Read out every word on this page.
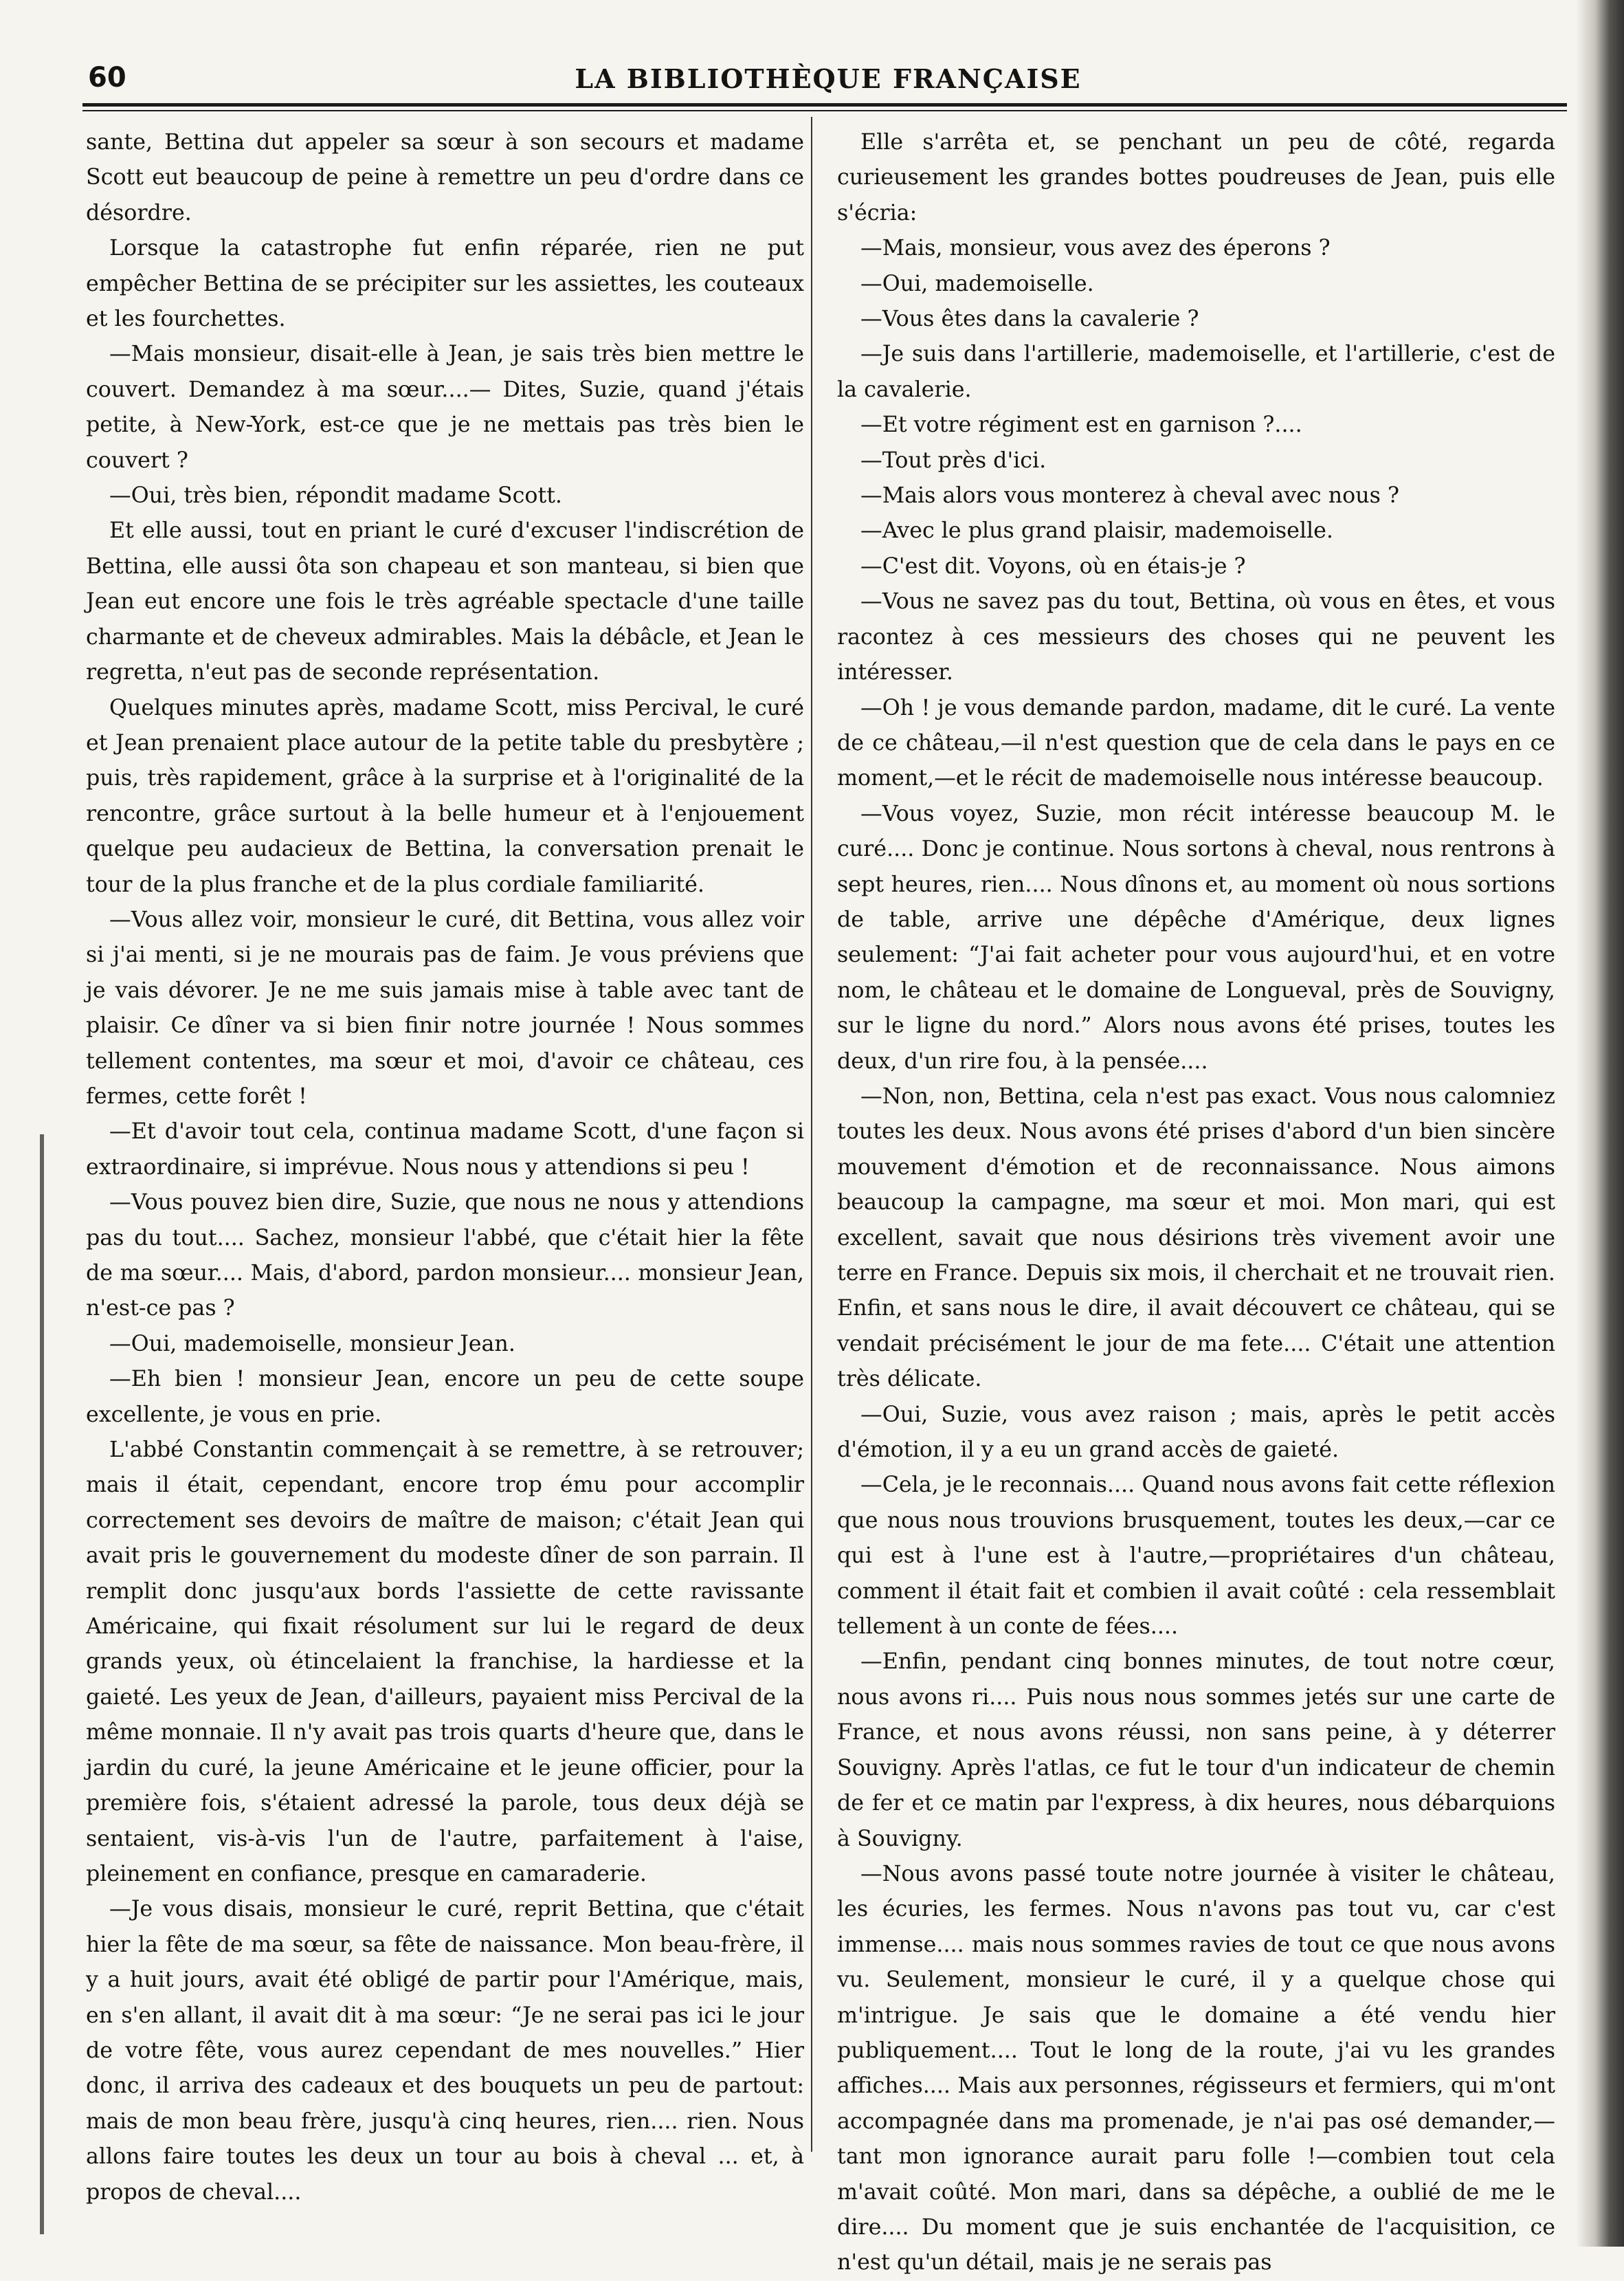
60	LA BIBLIOTHÈQUE FRANÇAISE

sante, Bettina dut appeler sa sœur à son secours et madame Scott eut beaucoup de peine à remettre un peu d'ordre dans ce désordre.

Lorsque la catastrophe fut enfin réparée, rien ne put empêcher Bettina de se précipiter sur les assiettes, les couteaux et les fourchettes.

—Mais monsieur, disait-elle à Jean, je sais très bien mettre le couvert. Demandez à ma sœur....— Dites, Suzie, quand j'étais petite, à New-York, est-ce que je ne mettais pas très bien le couvert ?

—Oui, très bien, répondit madame Scott.

Et elle aussi, tout en priant le curé d'excuser l'indiscrétion de Bettina, elle aussi ôta son chapeau et son manteau, si bien que Jean eut encore une fois le très agréable spectacle d'une taille charmante et de cheveux admirables. Mais la débâcle, et Jean le regretta, n'eut pas de seconde représentation.

Quelques minutes après, madame Scott, miss Percival, le curé et Jean prenaient place autour de la petite table du presbytère ; puis, très rapidement, grâce à la surprise et à l'originalité de la rencontre, grâce surtout à la belle humeur et à l'enjouement quelque peu audacieux de Bettina, la conversation prenait le tour de la plus franche et de la plus cordiale familiarité.

—Vous allez voir, monsieur le curé, dit Bettina, vous allez voir si j'ai menti, si je ne mourais pas de faim. Je vous préviens que je vais dévorer. Je ne me suis jamais mise à table avec tant de plaisir. Ce dîner va si bien finir notre journée ! Nous sommes tellement contentes, ma sœur et moi, d'avoir ce château, ces fermes, cette forêt !

—Et d'avoir tout cela, continua madame Scott, d'une façon si extraordinaire, si imprévue. Nous nous y attendions si peu !

—Vous pouvez bien dire, Suzie, que nous ne nous y attendions pas du tout.... Sachez, monsieur l'abbé, que c'était hier la fête de ma sœur.... Mais, d'abord, pardon monsieur.... monsieur Jean, n'est-ce pas ?

—Oui, mademoiselle, monsieur Jean.

—Eh bien ! monsieur Jean, encore un peu de cette soupe excellente, je vous en prie.

L'abbé Constantin commençait à se remettre, à se retrouver; mais il était, cependant, encore trop ému pour accomplir correctement ses devoirs de maître de maison; c'était Jean qui avait pris le gouvernement du modeste dîner de son parrain. Il remplit donc jusqu'aux bords l'assiette de cette ravissante Américaine, qui fixait résolument sur lui le regard de deux grands yeux, où étincelaient la franchise, la hardiesse et la gaieté. Les yeux de Jean, d'ailleurs, payaient miss Percival de la même monnaie. Il n'y avait pas trois quarts d'heure que, dans le jardin du curé, la jeune Américaine et le jeune officier, pour la première fois, s'étaient adressé la parole, tous deux déjà se sentaient, vis-à-vis l'un de l'autre, parfaitement à l'aise, pleinement en confiance, presque en camaraderie.

—Je vous disais, monsieur le curé, reprit Bettina, que c'était hier la fête de ma sœur, sa fête de naissance. Mon beau-frère, il y a huit jours, avait été obligé de partir pour l'Amérique, mais, en s'en allant, il avait dit à ma sœur: “Je ne serai pas ici le jour de votre fête, vous aurez cependant de mes nouvelles.” Hier donc, il arriva des cadeaux et des bouquets un peu de partout: mais de mon beau frère, jusqu'à cinq heures, rien.... rien. Nous allons faire toutes les deux un tour au bois à cheval ... et, à propos de cheval....

Elle s'arrêta et, se penchant un peu de côté, regarda curieusement les grandes bottes poudreuses de Jean, puis elle s'écria:

—Mais, monsieur, vous avez des éperons ?

—Oui, mademoiselle.

—Vous êtes dans la cavalerie ?

—Je suis dans l'artillerie, mademoiselle, et l'artillerie, c'est de la cavalerie.

—Et votre régiment est en garnison ?....

—Tout près d'ici.

—Mais alors vous monterez à cheval avec nous ?

—Avec le plus grand plaisir, mademoiselle.

—C'est dit. Voyons, où en étais-je ?

—Vous ne savez pas du tout, Bettina, où vous en êtes, et vous racontez à ces messieurs des choses qui ne peuvent les intéresser.

—Oh ! je vous demande pardon, madame, dit le curé. La vente de ce château,—il n'est question que de cela dans le pays en ce moment,—et le récit de mademoiselle nous intéresse beaucoup.

—Vous voyez, Suzie, mon récit intéresse beaucoup M. le curé.... Donc je continue. Nous sortons à cheval, nous rentrons à sept heures, rien.... Nous dînons et, au moment où nous sortions de table, arrive une dépêche d'Amérique, deux lignes seulement: “J'ai fait acheter pour vous aujourd'hui, et en votre nom, le château et le domaine de Longueval, près de Souvigny, sur le ligne du nord.” Alors nous avons été prises, toutes les deux, d'un rire fou, à la pensée....

—Non, non, Bettina, cela n'est pas exact. Vous nous calomniez toutes les deux. Nous avons été prises d'abord d'un bien sincère mouvement d'émotion et de reconnaissance. Nous aimons beaucoup la campagne, ma sœur et moi. Mon mari, qui est excellent, savait que nous désirions très vivement avoir une terre en France. Depuis six mois, il cherchait et ne trouvait rien. Enfin, et sans nous le dire, il avait découvert ce château, qui se vendait précisément le jour de ma fete.... C'était une attention très délicate.

—Oui, Suzie, vous avez raison ; mais, après le petit accès d'émotion, il y a eu un grand accès de gaieté.

—Cela, je le reconnais.... Quand nous avons fait cette réflexion que nous nous trouvions brusquement, toutes les deux,—car ce qui est à l'une est à l'autre,—propriétaires d'un château, comment il était fait et combien il avait coûté : cela ressemblait tellement à un conte de fées....

—Enfin, pendant cinq bonnes minutes, de tout notre cœur, nous avons ri.... Puis nous nous sommes jetés sur une carte de France, et nous avons réussi, non sans peine, à y déterrer Souvigny. Après l'atlas, ce fut le tour d'un indicateur de chemin de fer et ce matin par l'express, à dix heures, nous débarquions à Souvigny.

—Nous avons passé toute notre journée à visiter le château, les écuries, les fermes. Nous n'avons pas tout vu, car c'est immense.... mais nous sommes ravies de tout ce que nous avons vu. Seulement, monsieur le curé, il y a quelque chose qui m'intrigue. Je sais que le domaine a été vendu hier publiquement.... Tout le long de la route, j'ai vu les grandes affiches.... Mais aux personnes, régisseurs et fermiers, qui m'ont accompagnée dans ma promenade, je n'ai pas osé demander,—tant mon ignorance aurait paru folle !—combien tout cela m'avait coûté. Mon mari, dans sa dépêche, a oublié de me le dire.... Du moment que je suis enchantée de l'acquisition, ce n'est qu'un détail, mais je ne serais pas
